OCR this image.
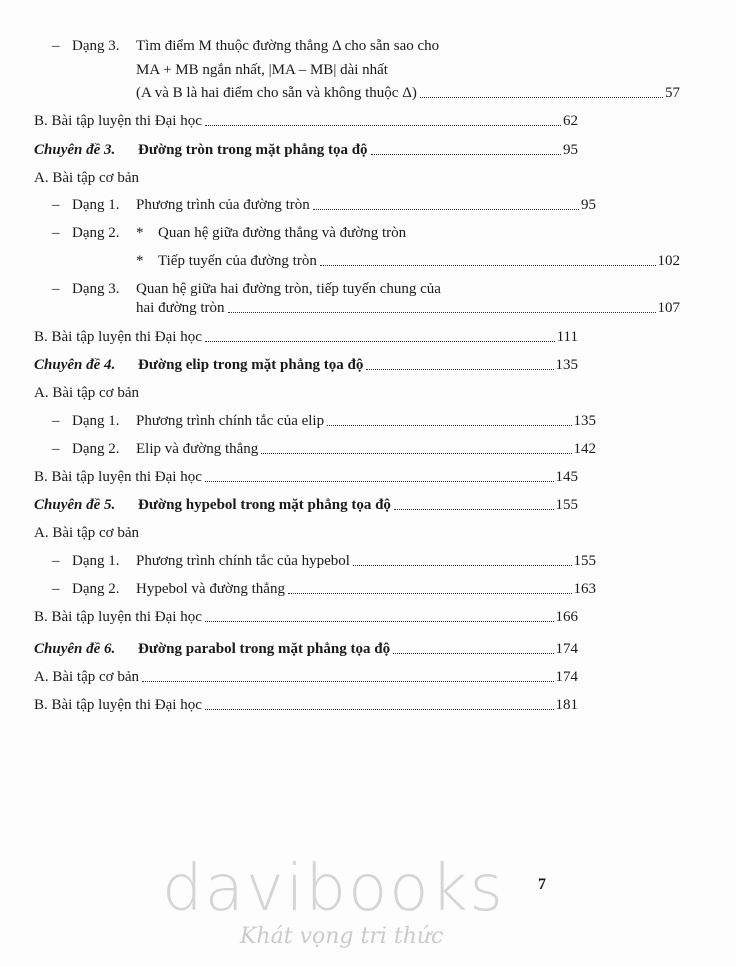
– Dạng 3.	Tìm điểm M thuộc đường thẳng Δ cho sẵn sao cho
MA + MB ngắn nhất, |MA – MB| dài nhất
(A và B là hai điểm cho sẵn và không thuộc Δ)	57
B. Bài tập luyện thi Đại học	62
Chuyên đề 3.	Đường tròn trong mặt phẳng tọa độ	95
A. Bài tập cơ bản
– Dạng 1.	Phương trình của đường tròn	95
– Dạng 2.	* Quan hệ giữa đường thẳng và đường tròn
* Tiếp tuyến của đường tròn	102
– Dạng 3.	Quan hệ giữa hai đường tròn, tiếp tuyến chung của
hai đường tròn	107
B. Bài tập luyện thi Đại học	111
Chuyên đề 4.	Đường elip trong mặt phẳng tọa độ	135
A. Bài tập cơ bản
– Dạng 1.	Phương trình chính tắc của elip	135
– Dạng 2.	Elip và đường thẳng	142
B. Bài tập luyện thi Đại học	145
Chuyên đề 5.	Đường hypebol trong mặt phẳng tọa độ	155
A. Bài tập cơ bản
– Dạng 1.	Phương trình chính tắc của hypebol	155
– Dạng 2.	Hypebol và đường thẳng	163
B. Bài tập luyện thi Đại học	166
Chuyên đề 6.	Đường parabol trong mặt phẳng tọa độ	174
A. Bài tập cơ bản	174
B. Bài tập luyện thi Đại học	181
davibooks
Khát vọng tri thức
7
